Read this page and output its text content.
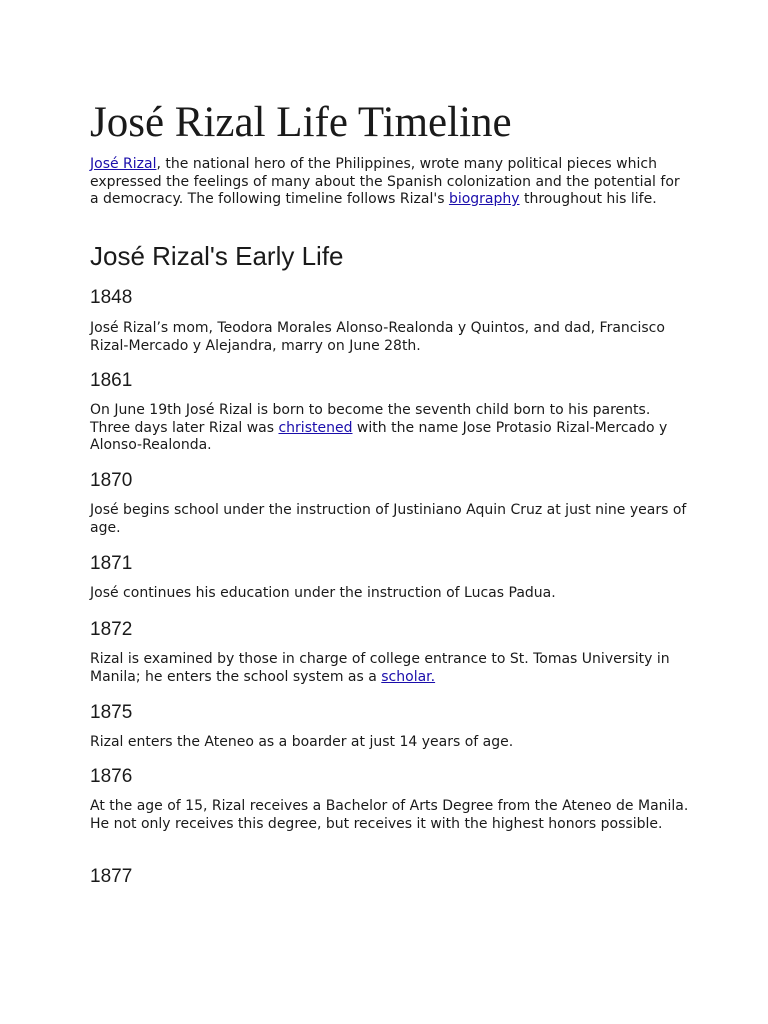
José Rizal Life Timeline

José Rizal, the national hero of the Philippines, wrote many political pieces which expressed the feelings of many about the Spanish colonization and the potential for a democracy. The following timeline follows Rizal's biography throughout his life.

José Rizal's Early Life
1848

José Rizal’s mom, Teodora Morales Alonso-Realonda y Quintos, and dad, Francisco Rizal-Mercado y Alejandra, marry on June 28th.

1861

On June 19th José Rizal is born to become the seventh child born to his parents. Three days later Rizal was christened with the name Jose Protasio Rizal-Mercado y Alonso-Realonda.

1870

José begins school under the instruction of Justiniano Aquin Cruz at just nine years of age.

1871

José continues his education under the instruction of Lucas Padua.

1872

Rizal is examined by those in charge of college entrance to St. Tomas University in Manila; he enters the school system as a scholar.

1875

Rizal enters the Ateneo as a boarder at just 14 years of age.

1876

At the age of 15, Rizal receives a Bachelor of Arts Degree from the Ateneo de Manila. He not only receives this degree, but receives it with the highest honors possible.

1877
